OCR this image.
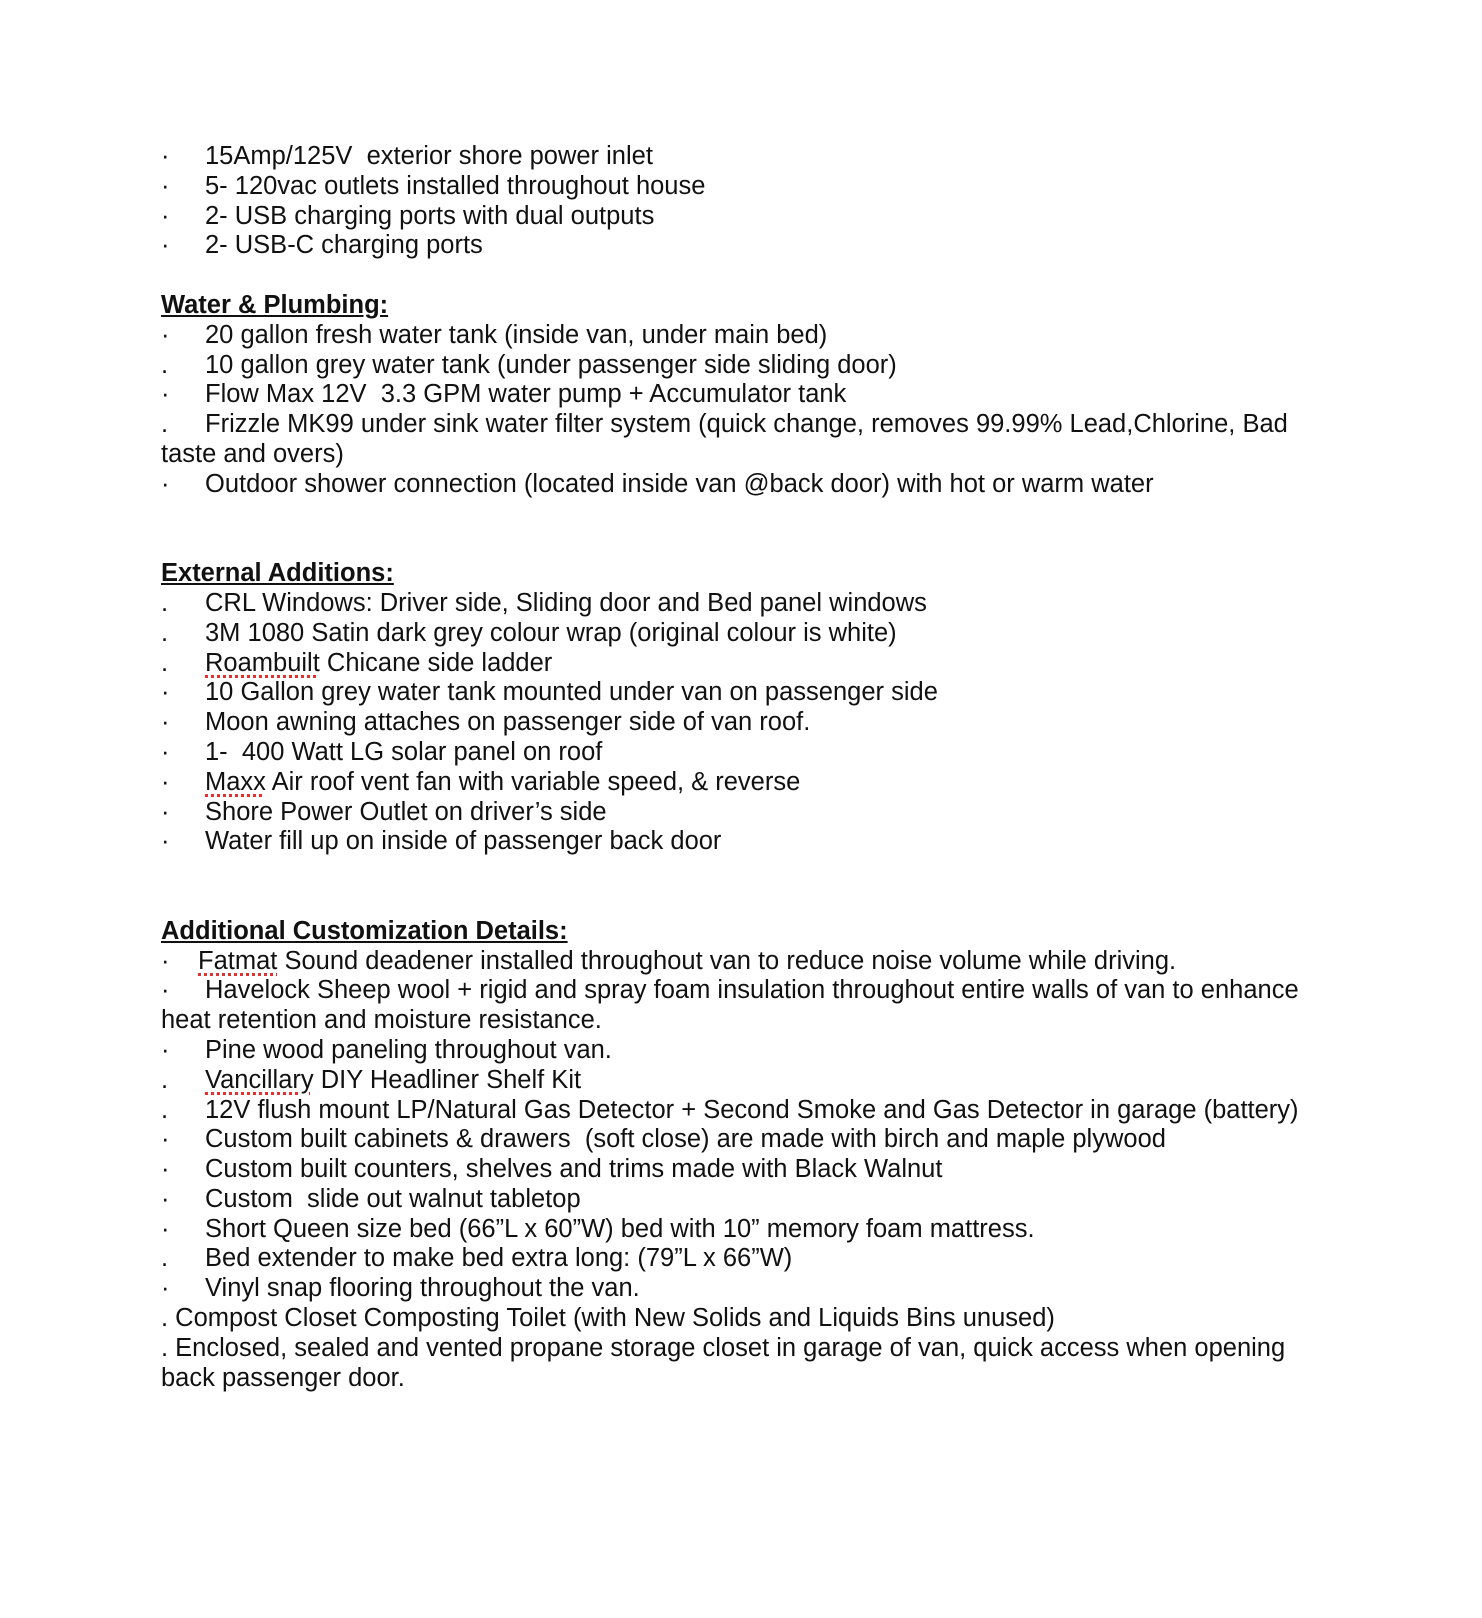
· 15Amp/125V  exterior shore power inlet

· 5- 120vac outlets installed throughout house

· 2- USB charging ports with dual outputs

· 2- USB-C charging ports

Water & Plumbing:

· 20 gallon fresh water tank (inside van, under main bed)

. 10 gallon grey water tank (under passenger side sliding door)

· Flow Max 12V  3.3 GPM water pump + Accumulator tank

. Frizzle MK99 under sink water filter system (quick change, removes 99.99% Lead,Chlorine, Bad taste and overs)

· Outdoor shower connection (located inside van @back door) with hot or warm water

External Additions:

. CRL Windows: Driver side, Sliding door and Bed panel windows

. 3M 1080 Satin dark grey colour wrap (original colour is white)

. Roambuilt Chicane side ladder

· 10 Gallon grey water tank mounted under van on passenger side

· Moon awning attaches on passenger side of van roof.

· 1-  400 Watt LG solar panel on roof

· Maxx Air roof vent fan with variable speed, & reverse

· Shore Power Outlet on driver’s side

· Water fill up on inside of passenger back door

Additional Customization Details:

· Fatmat Sound deadener installed throughout van to reduce noise volume while driving.

· Havelock Sheep wool + rigid and spray foam insulation throughout entire walls of van to enhance heat retention and moisture resistance.

· Pine wood paneling throughout van.

. Vancillary DIY Headliner Shelf Kit

. 12V flush mount LP/Natural Gas Detector + Second Smoke and Gas Detector in garage (battery)

· Custom built cabinets & drawers  (soft close) are made with birch and maple plywood

· Custom built counters, shelves and trims made with Black Walnut

· Custom  slide out walnut tabletop

· Short Queen size bed (66”L x 60”W) bed with 10” memory foam mattress.

. Bed extender to make bed extra long: (79”L x 66”W)

· Vinyl snap flooring throughout the van.

. Compost Closet Composting Toilet (with New Solids and Liquids Bins unused)

. Enclosed, sealed and vented propane storage closet in garage of van, quick access when opening back passenger door.
